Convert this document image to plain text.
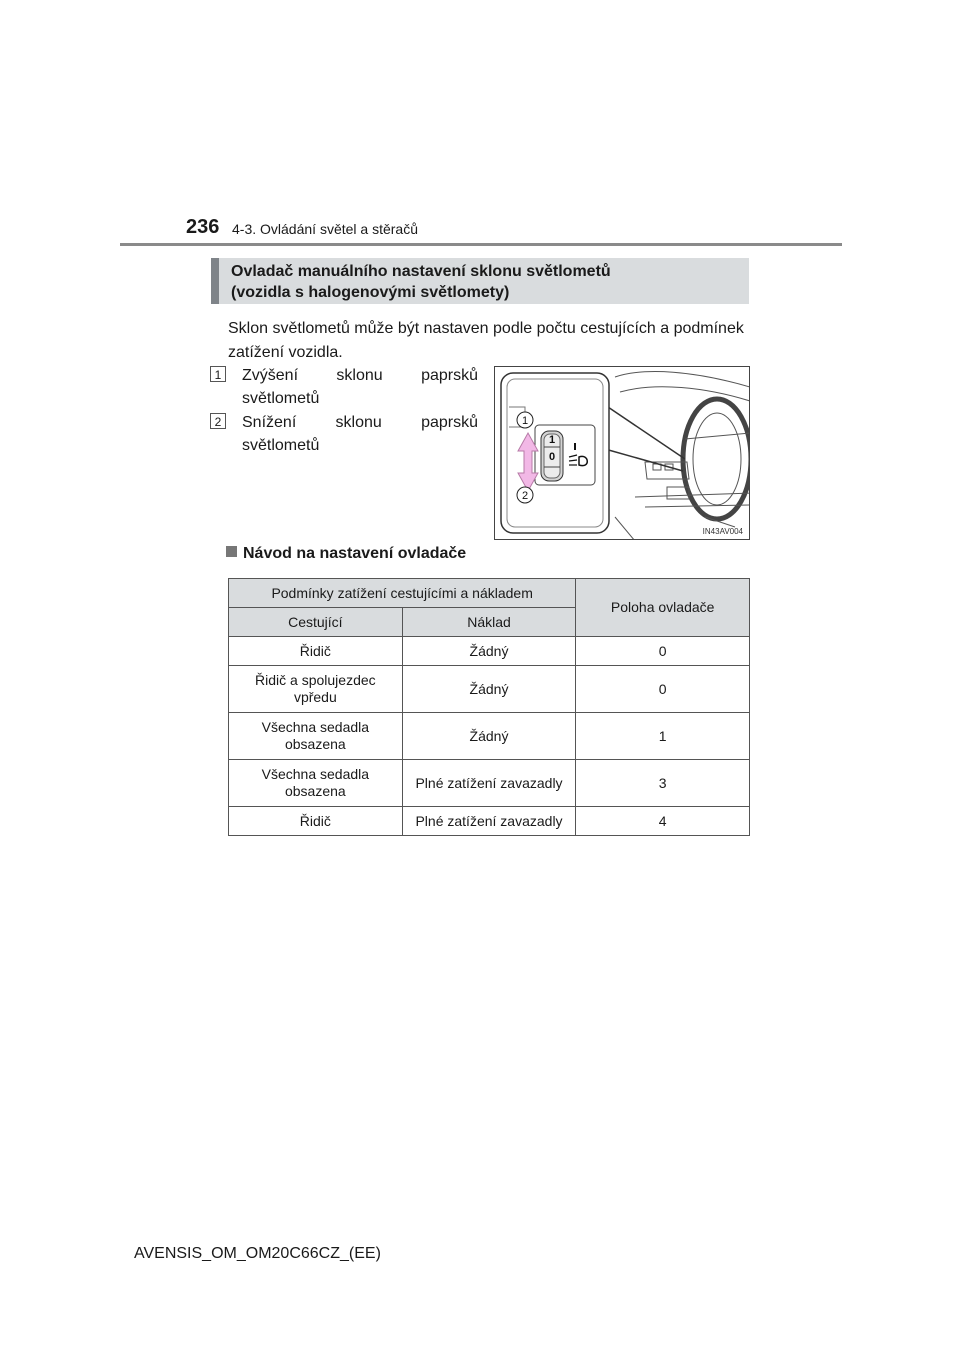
236 4-3. Ovládání světel a stěračů
Ovladač manuálního nastavení sklonu světlometů
(vozidla s halogenovými světlomety)
Sklon světlometů může být nastaven podle počtu cestujících a podmínek zatížení vozidla.
1 Zvýšení sklonu paprsků světlometů
2 Snížení sklonu paprsků světlometů	1
0
1
2
IN43AV004
Návod na nastavení ovladače
Podmínky zatížení cestujícími a nákladem		Poloha ovladače
Cestující	Náklad	
Řidič	Žádný	0
Řidič a spolujezdec vpředu	Žádný	0
Všechna sedadla obsazena	Žádný	1
Všechna sedadla obsazena	Plné zatížení zavazadly	3
Řidič	Plné zatížení zavazadly	4
AVENSIS_OM_OM20C66CZ_(EE)
